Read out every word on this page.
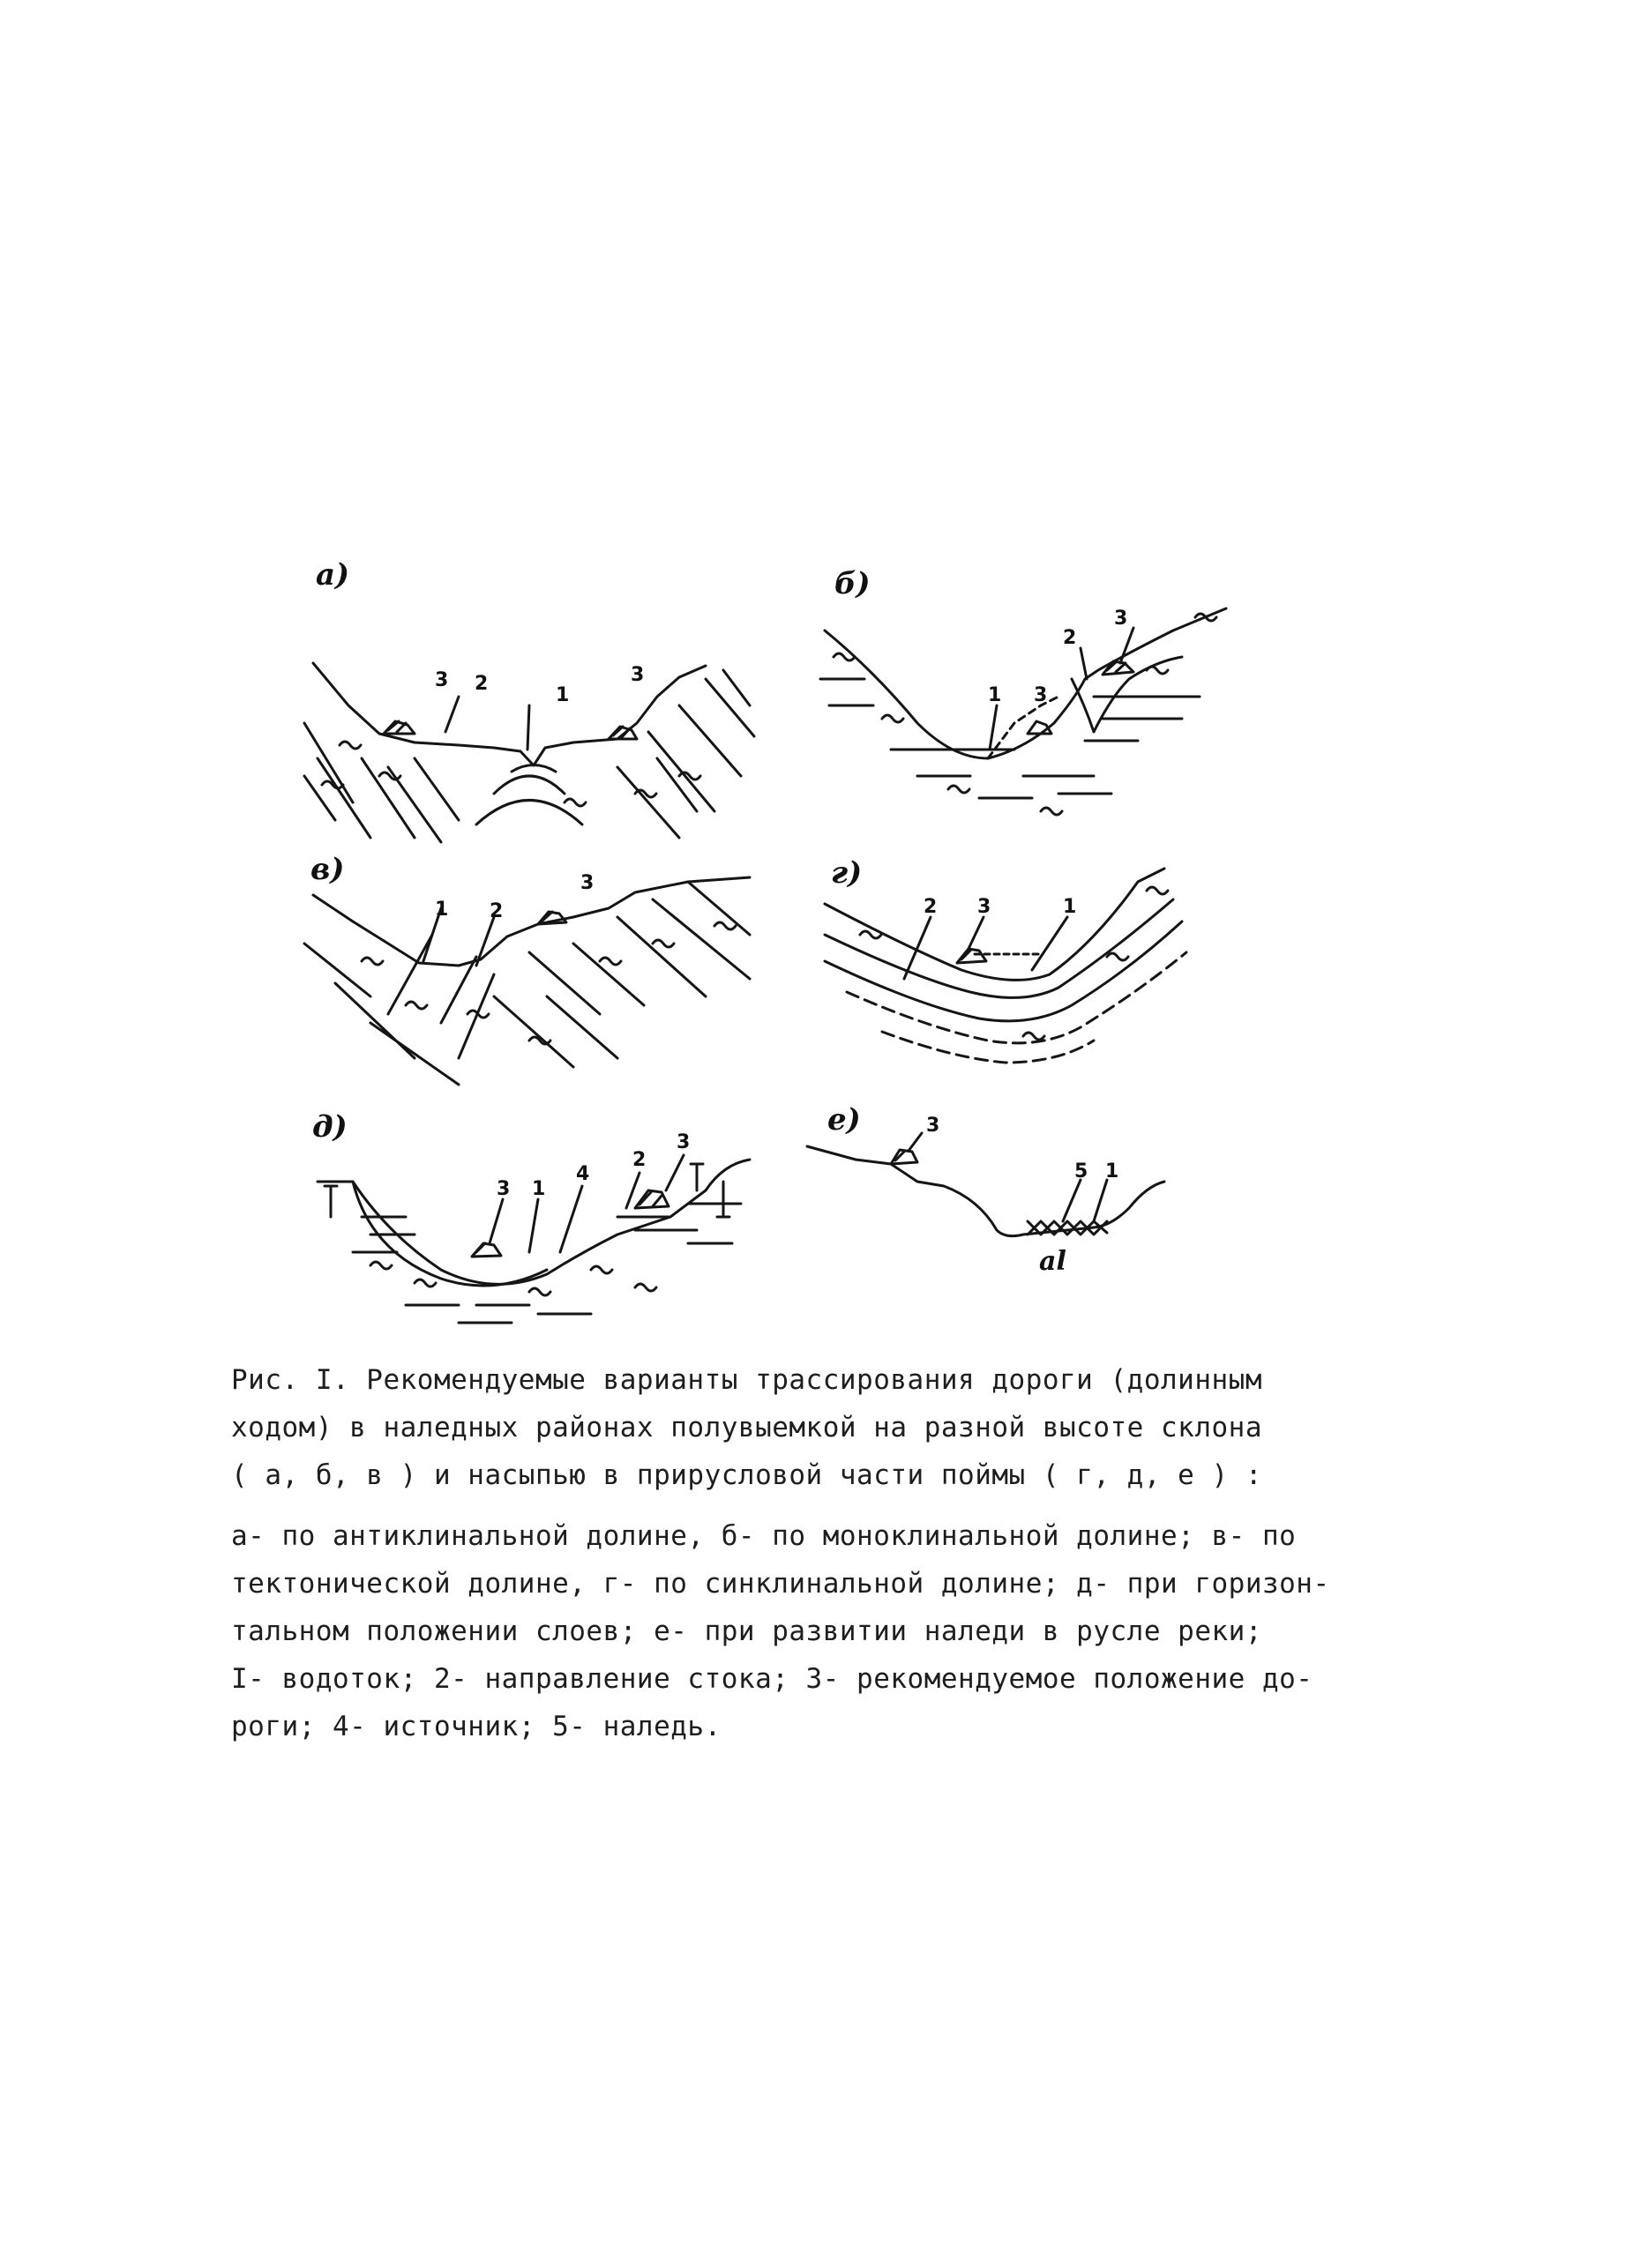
а)	б)
в)	г)
д)	е)
3 2
1
3
1 3
2
3
1 2
3
2 3	1
3 1
4
2
3
3
5 1
al
Рис. I. Рекомендуемые варианты трассирования дороги (долинным
ходом) в наледных районах полувыемкой на разной высоте склона
( а, б, в ) и насыпью в прирусловой части поймы ( г, д, е ) :
а- по антиклинальной долине, б- по моноклинальной долине; в- по
тектонической долине, г- по синклинальной долине; д- при горизон-
тальном положении слоев; е- при развитии наледи в русле реки;
I- водоток; 2- направление стока; 3- рекомендуемое положение до-
роги; 4- источник; 5- наледь.
